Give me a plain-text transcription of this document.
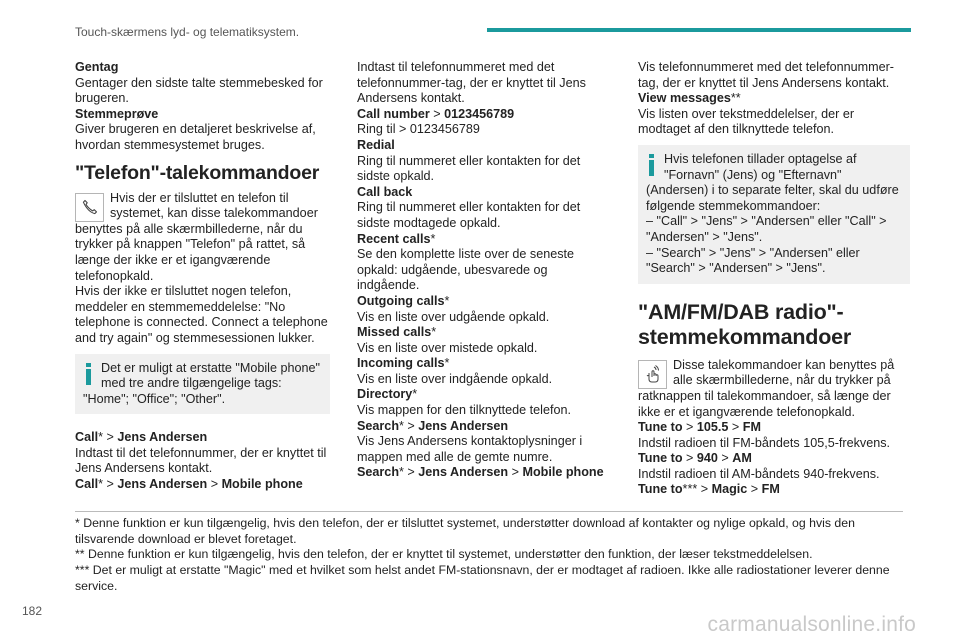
Touch-skærmens lyd- og telematiksystem.

Gentag

Gentager den sidste talte stemmebesked for brugeren.

Stemmeprøve

Giver brugeren en detaljeret beskrivelse af, hvordan stemmesystemet bruges.

"Telefon"-talekommandoer

Hvis der er tilsluttet en telefon til systemet, kan disse talekommandoer benyttes på alle skærmbillederne, når du trykker på knappen "Telefon" på rattet, så længe der ikke er et igangværende telefonopkald.

Hvis der ikke er tilsluttet nogen telefon, meddeler en stemmemeddelelse: "No telephone is connected. Connect a telephone and try again" og stemmesessionen lukker.

Det er muligt at erstatte "Mobile phone" med tre andre tilgængelige tags: "Home"; "Office"; "Other".

Call* > Jens Andersen

Indtast til det telefonnummer, der er knyttet til Jens Andersens kontakt.

Call* > Jens Andersen > Mobile phone

Indtast til telefonnummeret med det telefonnummer-tag, der er knyttet til Jens Andersens kontakt.

Call number > 0123456789

Ring til > 0123456789

Redial

Ring til nummeret eller kontakten for det sidste opkald.

Call back

Ring til nummeret eller kontakten for det sidste modtagede opkald.

Recent calls*

Se den komplette liste over de seneste opkald: udgående, ubesvarede og indgående.

Outgoing calls*

Vis en liste over udgående opkald.

Missed calls*

Vis en liste over mistede opkald.

Incoming calls*

Vis en liste over indgående opkald.

Directory*

Vis mappen for den tilknyttede telefon.

Search* > Jens Andersen

Vis Jens Andersens kontaktoplysninger i mappen med alle de gemte numre.

Search* > Jens Andersen > Mobile phone

Vis telefonnummeret med det telefonnummer-tag, der er knyttet til Jens Andersens kontakt.

View messages**

Vis listen over tekstmeddelelser, der er modtaget af den tilknyttede telefon.

Hvis telefonen tillader optagelse af "Fornavn" (Jens) og "Efternavn" (Andersen) i to separate felter, skal du udføre følgende stemmekommandoer:

– "Call" > "Jens" > "Andersen" eller "Call" > "Andersen" > "Jens".

– "Search" > "Jens" > "Andersen" eller "Search" > "Andersen" > "Jens".

"AM/FM/DAB radio"-stemmekommandoer

Disse talekommandoer kan benyttes på alle skærmbillederne, når du trykker på ratknappen til talekommandoer, så længe der ikke er et igangværende telefonopkald.

Tune to > 105.5 > FM

Indstil radioen til FM-båndets 105,5-frekvens.

Tune to > 940 > AM

Indstil radioen til AM-båndets 940-frekvens.

Tune to*** > Magic > FM

* Denne funktion er kun tilgængelig, hvis den telefon, der er tilsluttet systemet, understøtter download af kontakter og nylige opkald, og hvis den tilsvarende download er blevet foretaget.

** Denne funktion er kun tilgængelig, hvis den telefon, der er knyttet til systemet, understøtter den funktion, der læser tekstmeddelelsen.

*** Det er muligt at erstatte "Magic" med et hvilket som helst andet FM-stationsnavn, der er modtaget af radioen. Ikke alle radiostationer leverer denne service.

182
carmanualsonline.info
